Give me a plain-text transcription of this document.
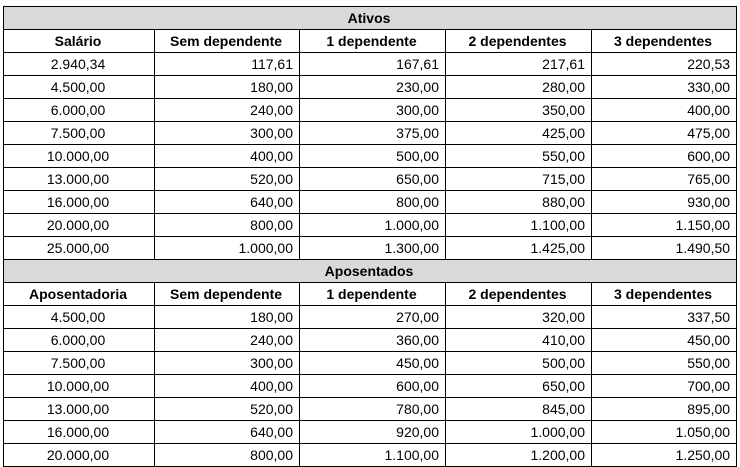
Ativos				
Salário	Sem dependente	1 dependente	2 dependentes	3 dependentes
2.940,34	117,61	167,61	217,61	220,53
4.500,00	180,00	230,00	280,00	330,00
6.000,00	240,00	300,00	350,00	400,00
7.500,00	300,00	375,00	425,00	475,00
10.000,00	400,00	500,00	550,00	600,00
13.000,00	520,00	650,00	715,00	765,00
16.000,00	640,00	800,00	880,00	930,00
20.000,00	800,00	1.000,00	1.100,00	1.150,00
25.000,00	1.000,00	1.300,00	1.425,00	1.490,50
Aposentados				
Aposentadoria	Sem dependente	1 dependente	2 dependentes	3 dependentes
4.500,00	180,00	270,00	320,00	337,50
6.000,00	240,00	360,00	410,00	450,00
7.500,00	300,00	450,00	500,00	550,00
10.000,00	400,00	600,00	650,00	700,00
13.000,00	520,00	780,00	845,00	895,00
16.000,00	640,00	920,00	1.000,00	1.050,00
20.000,00	800,00	1.100,00	1.200,00	1.250,00
